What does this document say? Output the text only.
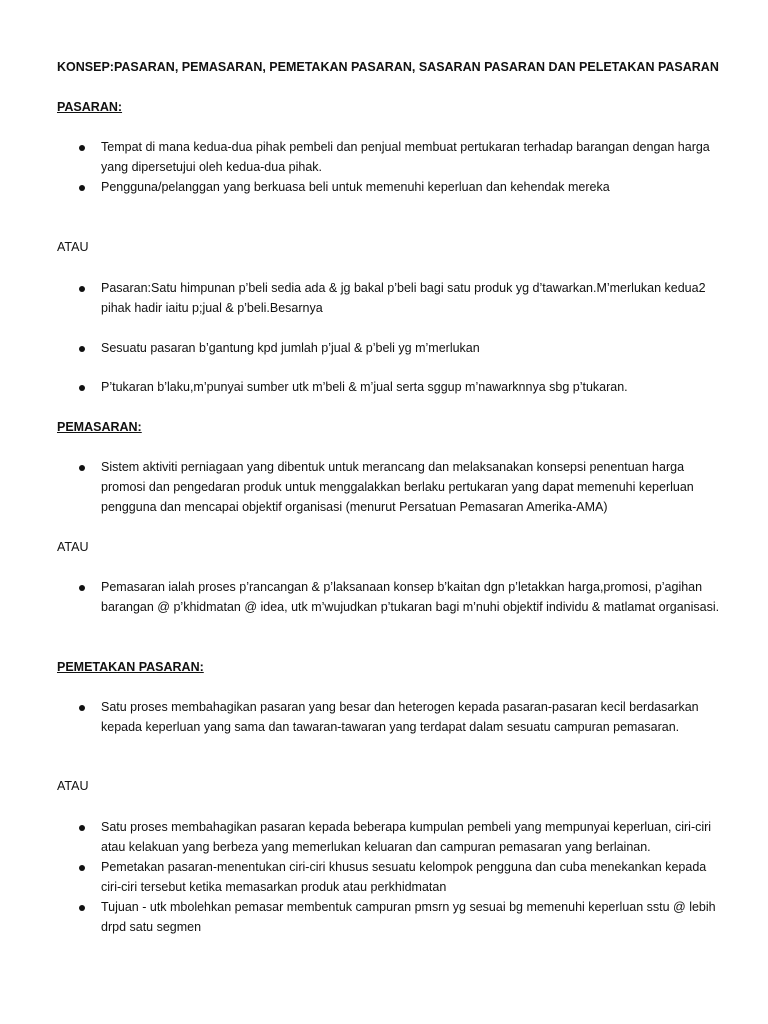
KONSEP:PASARAN, PEMASARAN, PEMETAKAN PASARAN, SASARAN PASARAN DAN PELETAKAN PASARAN

PASARAN:

Tempat di mana kedua-dua pihak pembeli dan penjual membuat pertukaran terhadap barangan dengan harga yang dipersetujui oleh kedua-dua pihak.
Pengguna/pelanggan yang berkuasa beli untuk memenuhi keperluan dan kehendak mereka

ATAU

Pasaran:Satu himpunan p’beli sedia ada & jg bakal p’beli bagi satu produk yg d’tawarkan.M’merlukan kedua2 pihak hadir iaitu p;jual & p’beli.Besarnya
Sesuatu pasaran b’gantung kpd jumlah p’jual & p’beli yg m’merlukan
P’tukaran b’laku,m’punyai sumber utk m’beli & m’jual serta sggup m’nawarknnya sbg p’tukaran.

PEMASARAN:

Sistem aktiviti perniagaan yang dibentuk untuk merancang dan melaksanakan konsepsi penentuan harga promosi dan pengedaran produk untuk menggalakkan berlaku pertukaran yang dapat memenuhi keperluan pengguna dan mencapai objektif organisasi (menurut Persatuan Pemasaran Amerika-AMA)

ATAU

Pemasaran ialah proses p’rancangan & p’laksanaan konsep b’kaitan dgn p’letakkan harga,promosi, p’agihan barangan @ p’khidmatan @ idea, utk m’wujudkan p’tukaran bagi m’nuhi objektif individu & matlamat organisasi.

PEMETAKAN PASARAN:

Satu proses membahagikan pasaran yang besar dan heterogen kepada pasaran-pasaran kecil berdasarkan kepada keperluan yang sama dan tawaran-tawaran yang terdapat dalam sesuatu campuran pemasaran.

ATAU

Satu proses membahagikan pasaran kepada beberapa kumpulan pembeli yang mempunyai keperluan, ciri-ciri atau kelakuan yang berbeza yang memerlukan keluaran dan campuran pemasaran yang berlainan.
Pemetakan pasaran-menentukan ciri-ciri khusus sesuatu kelompok pengguna dan cuba menekankan kepada ciri-ciri tersebut ketika memasarkan produk atau perkhidmatan
Tujuan - utk mbolehkan pemasar membentuk campuran pmsrn yg sesuai bg memenuhi keperluan sstu @ lebih drpd satu segmen
